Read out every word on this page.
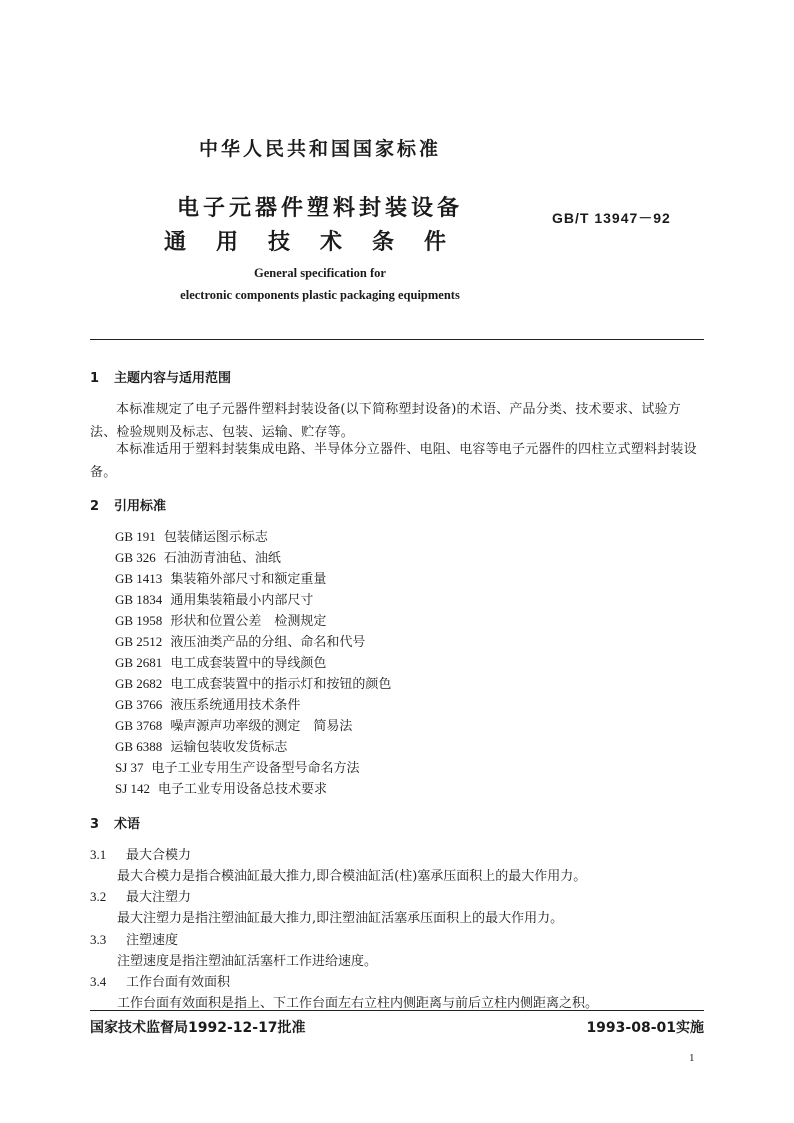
中华人民共和国国家标准
电子元器件塑料封装设备
通用技术条件
GB/T 13947－92
General specification for
electronic components plastic packaging equipments
1 主题内容与适用范围
本标准规定了电子元器件塑料封装设备(以下简称塑封设备)的术语、产品分类、技术要求、试验方法、检验规则及标志、包装、运输、贮存等。
本标准适用于塑料封装集成电路、半导体分立器件、电阻、电容等电子元器件的四柱立式塑料封装设备。
2 引用标准
GB 191 包装储运图示标志
GB 326 石油沥青油毡、油纸
GB 1413 集装箱外部尺寸和额定重量
GB 1834 通用集装箱最小内部尺寸
GB 1958 形状和位置公差　检测规定
GB 2512 液压油类产品的分组、命名和代号
GB 2681 电工成套装置中的导线颜色
GB 2682 电工成套装置中的指示灯和按钮的颜色
GB 3766 液压系统通用技术条件
GB 3768 噪声源声功率级的测定　简易法
GB 6388 运输包装收发货标志
SJ 37 电子工业专用生产设备型号命名方法
SJ 142 电子工业专用设备总技术要求
3 术语
3.1 最大合模力
最大合模力是指合模油缸最大推力,即合模油缸活(柱)塞承压面积上的最大作用力。
3.2 最大注塑力
最大注塑力是指注塑油缸最大推力,即注塑油缸活塞承压面积上的最大作用力。
3.3 注塑速度
注塑速度是指注塑油缸活塞杆工作进给速度。
3.4 工作台面有效面积
工作台面有效面积是指上、下工作台面左右立柱内侧距离与前后立柱内侧距离之积。
国家技术监督局1992-12-17批准	1993-08-01实施
1
